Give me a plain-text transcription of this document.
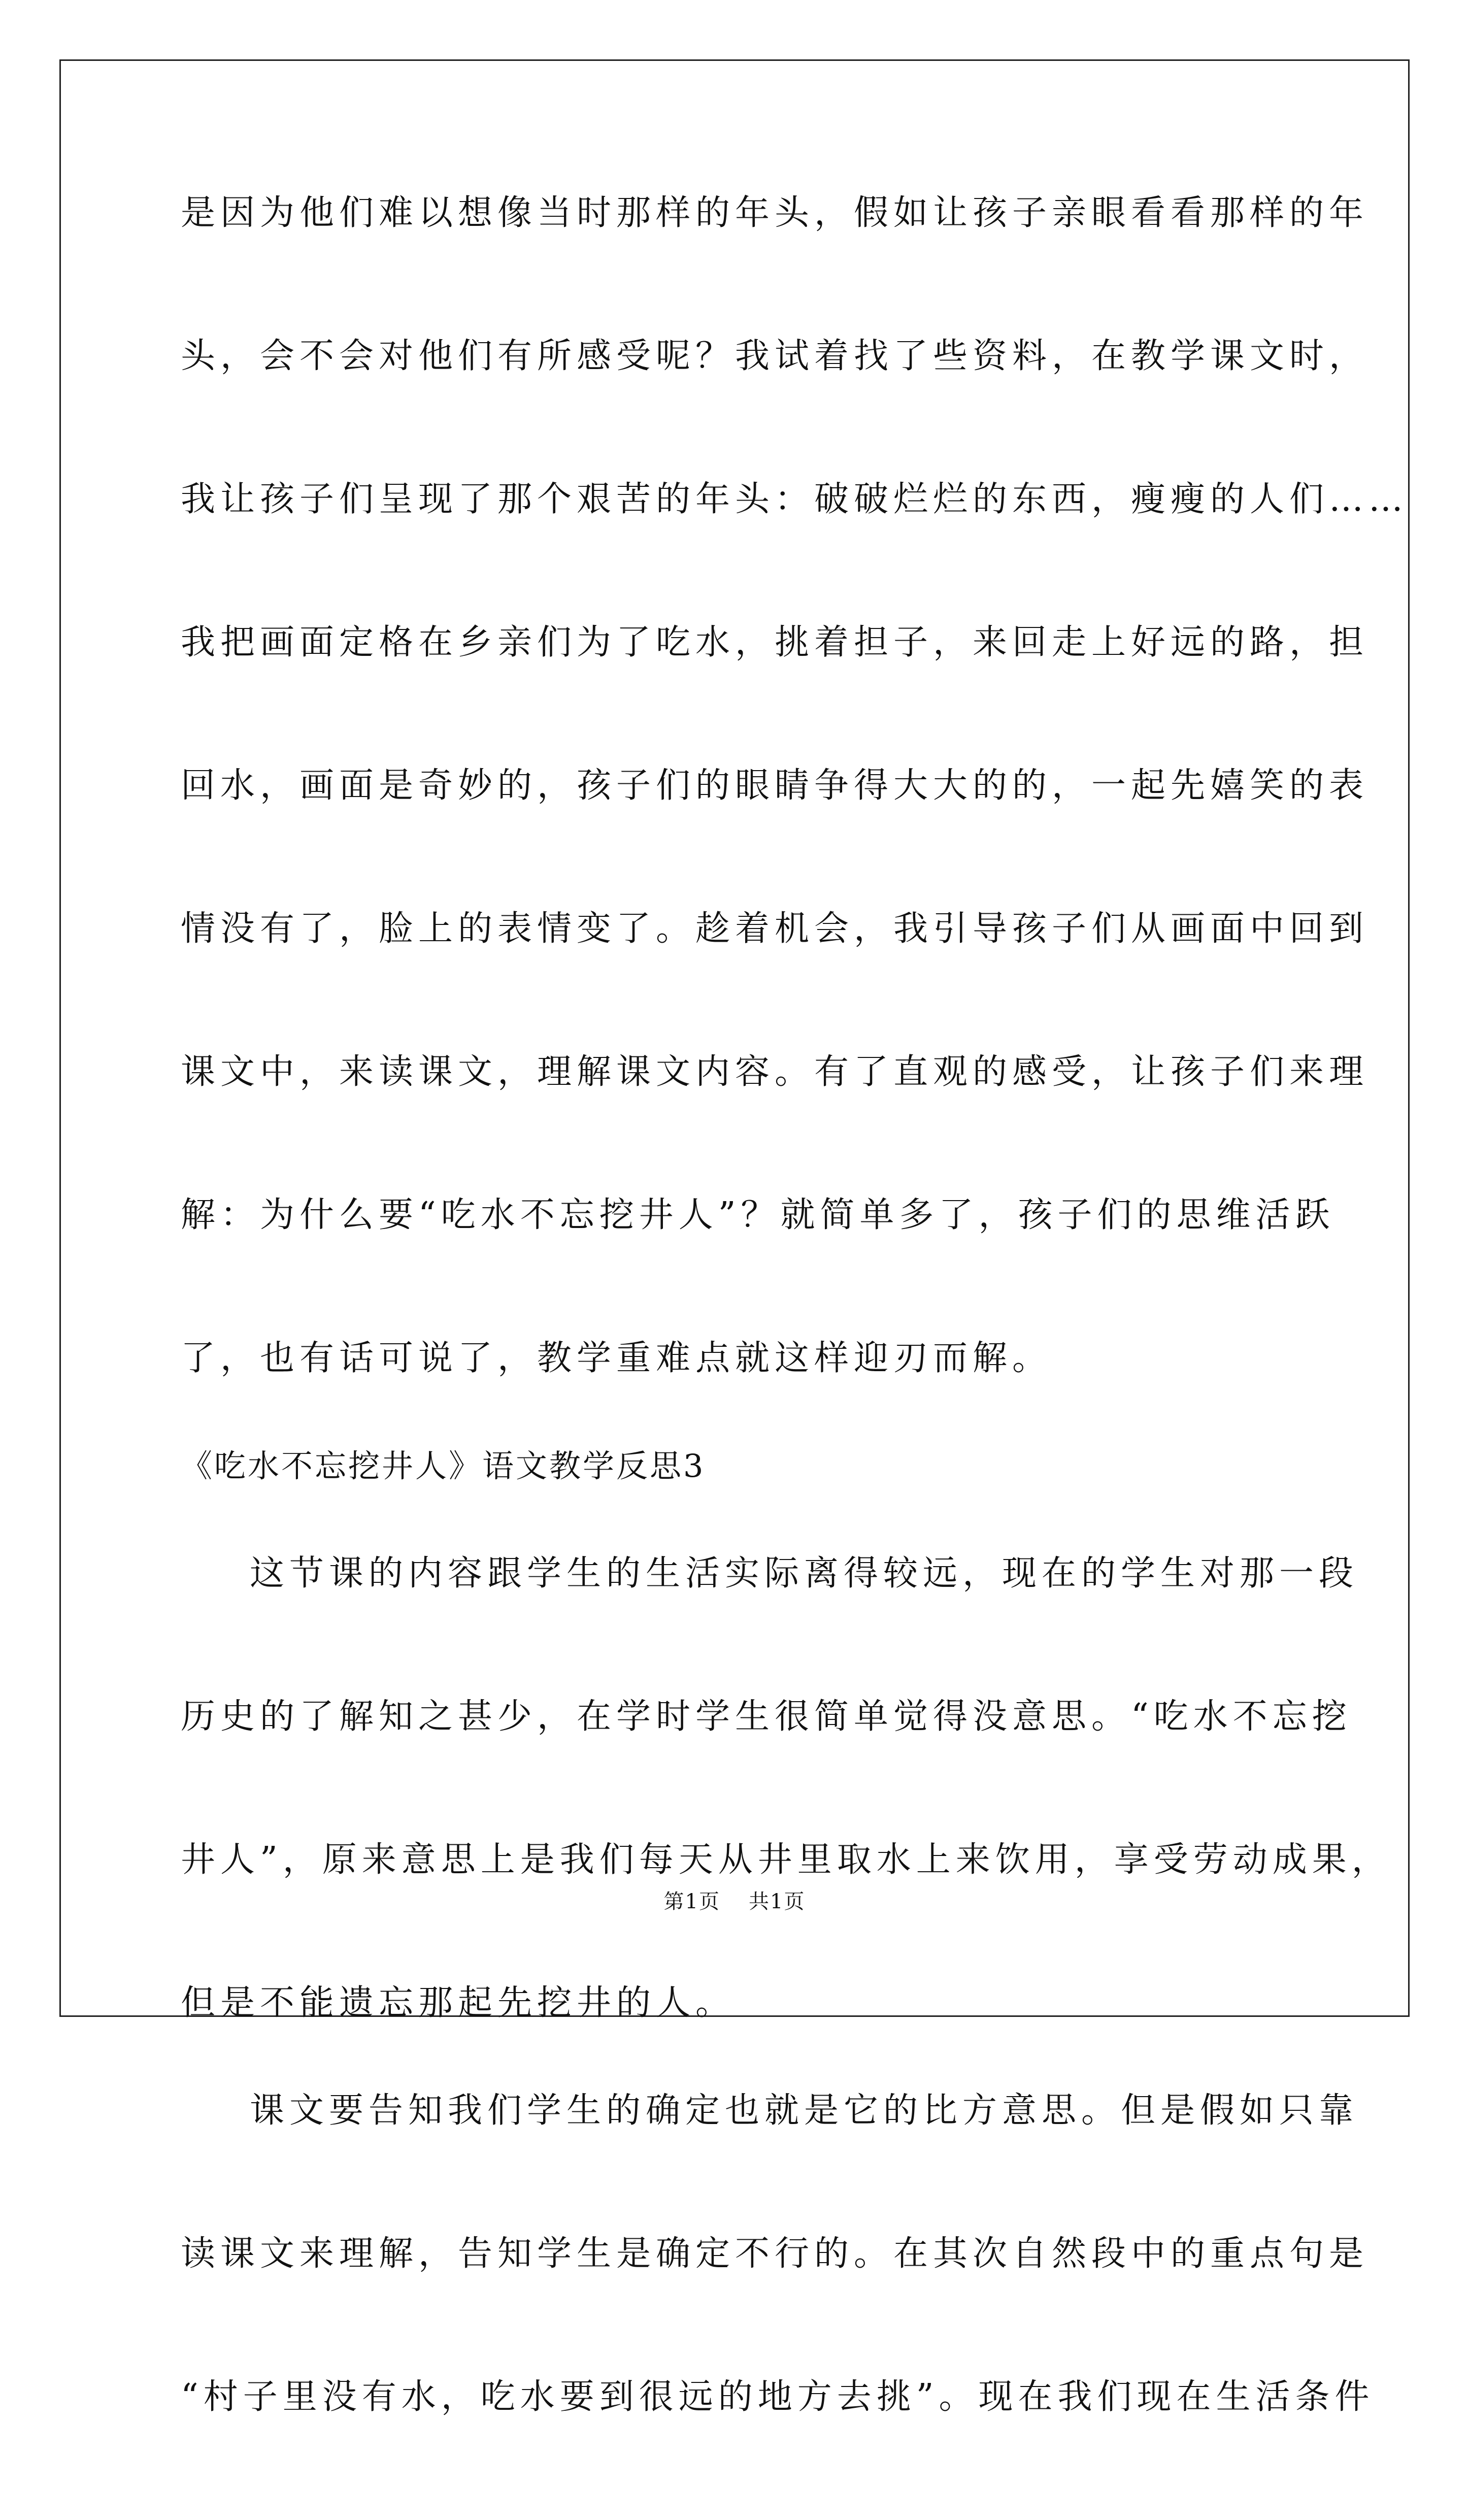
是因为他们难以想像当时那样的年头，假如让孩子亲眼看看那样的年
头，会不会对他们有所感受呢？我试着找了些资料，在教学课文时，
我让孩子们呈现了那个艰苦的年头：破破烂烂的东西，瘦瘦的人们……
我把画面定格在乡亲们为了吃水，挑着担子，来回走上好远的路，担
回水，画面是奇妙的，孩子们的眼睛争得大大的的，一起先嬉笑的表
情没有了，脸上的表情变了。趁着机会，我引导孩子们从画面中回到
课文中，来读课文，理解课文内容。有了直观的感受，让孩子们来理
解：为什么要“吃水不忘挖井人”？就简单多了，孩子们的思维活跃
了，也有话可说了，教学重难点就这样迎刃而解。
《吃水不忘挖井人》语文教学反思3
这节课的内容跟学生的生活实际离得较远，现在的学生对那一段
历史的了解知之甚少，在学时学生很简单觉得没意思。“吃水不忘挖
井人”，原来意思上是我们每天从井里取水上来饮用，享受劳动成果，
但是不能遗忘那起先挖井的人。
课文要告知我们学生的确定也就是它的比方意思。但是假如只靠
读课文来理解，告知学生是确定不行的。在其次自然段中的重点句是
“村子里没有水，吃水要到很远的地方去挑”。现在我们现在生活条件
第1页 共1页
